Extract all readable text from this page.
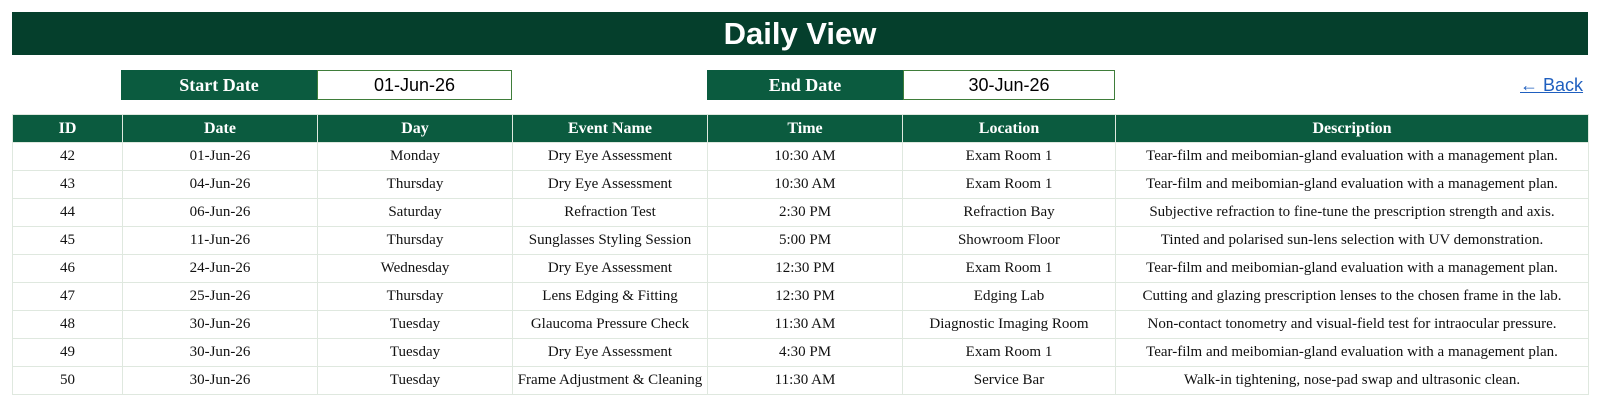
Daily View
Start Date	01-Jun-26	End Date	30-Jun-26	← Back
ID	Date	Day	Event Name	Time	Location	Description
42	01-Jun-26	Monday	Dry Eye Assessment	10:30 AM	Exam Room 1	Tear-film and meibomian-gland evaluation with a management plan.
43	04-Jun-26	Thursday	Dry Eye Assessment	10:30 AM	Exam Room 1	Tear-film and meibomian-gland evaluation with a management plan.
44	06-Jun-26	Saturday	Refraction Test	2:30 PM	Refraction Bay	Subjective refraction to fine-tune the prescription strength and axis.
45	11-Jun-26	Thursday	Sunglasses Styling Session	5:00 PM	Showroom Floor	Tinted and polarised sun-lens selection with UV demonstration.
46	24-Jun-26	Wednesday	Dry Eye Assessment	12:30 PM	Exam Room 1	Tear-film and meibomian-gland evaluation with a management plan.
47	25-Jun-26	Thursday	Lens Edging & Fitting	12:30 PM	Edging Lab	Cutting and glazing prescription lenses to the chosen frame in the lab.
48	30-Jun-26	Tuesday	Glaucoma Pressure Check	11:30 AM	Diagnostic Imaging Room	Non-contact tonometry and visual-field test for intraocular pressure.
49	30-Jun-26	Tuesday	Dry Eye Assessment	4:30 PM	Exam Room 1	Tear-film and meibomian-gland evaluation with a management plan.
50	30-Jun-26	Tuesday	Frame Adjustment & Cleaning	11:30 AM	Service Bar	Walk-in tightening, nose-pad swap and ultrasonic clean.
